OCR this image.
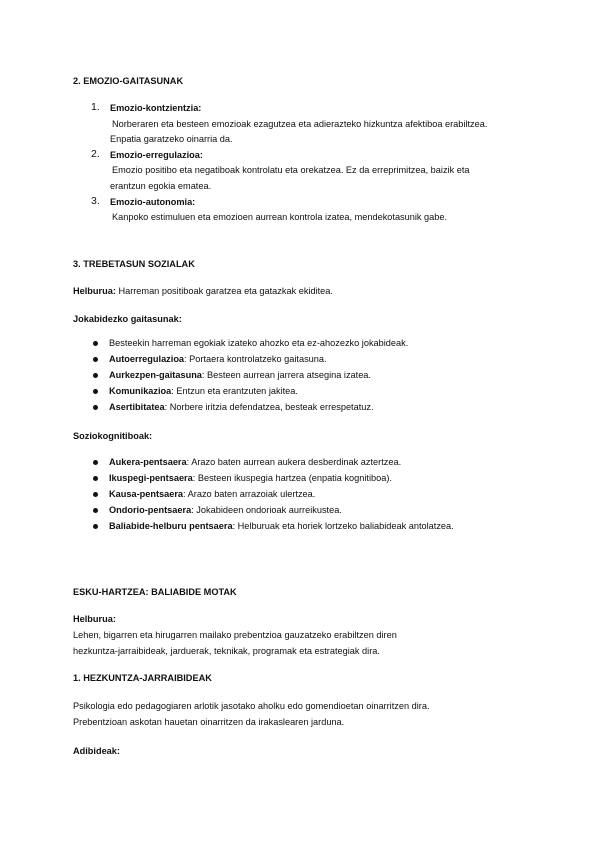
2. EMOZIO-GAITASUNAK
1. Emozio-kontzientzia:
Norberaren eta besteen emozioak ezagutzea eta adierazteko hizkuntza afektiboa erabiltzea.
Enpatia garatzeko oinarria da.
2. Emozio-erregulazioa:
Emozio positibo eta negatiboak kontrolatu eta orekatzea. Ez da erreprimitzea, baizik eta
erantzun egokia ematea.
3. Emozio-autonomia:
Kanpoko estimuluen eta emozioen aurrean kontrola izatea, mendekotasunik gabe.
3. TREBETASUN SOZIALAK
Helburua: Harreman positiboak garatzea eta gatazkak ekiditea.
Jokabidezko gaitasunak:
Besteekin harreman egokiak izateko ahozko eta ez-ahozezko jokabideak.
Autoerregulazioa: Portaera kontrolatzeko gaitasuna.
Aurkezpen-gaitasuna: Besteen aurrean jarrera atsegina izatea.
Komunikazioa: Entzun eta erantzuten jakitea.
Asertibitatea: Norbere iritzia defendatzea, besteak errespetatuz.
Soziokognitiboak:
Aukera-pentsaera: Arazo baten aurrean aukera desberdinak aztertzea.
Ikuspegi-pentsaera: Besteen ikuspegia hartzea (enpatia kognitiboa).
Kausa-pentsaera: Arazo baten arrazoiak ulertzea.
Ondorio-pentsaera: Jokabideen ondorioak aurreikustea.
Baliabide-helburu pentsaera: Helburuak eta horiek lortzeko baliabideak antolatzea.
ESKU-HARTZEA: BALIABIDE MOTAK
Helburua:
Lehen, bigarren eta hirugarren mailako prebentzioa gauzatzeko erabiltzen diren
hezkuntza-jarraibideak, jarduerak, teknikak, programak eta estrategiak dira.
1. HEZKUNTZA-JARRAIBIDEAK
Psikologia edo pedagogiaren arlotik jasotako aholku edo gomendioetan oinarritzen dira.
Prebentzioan askotan hauetan oinarritzen da irakaslearen jarduna.
Adibideak:
